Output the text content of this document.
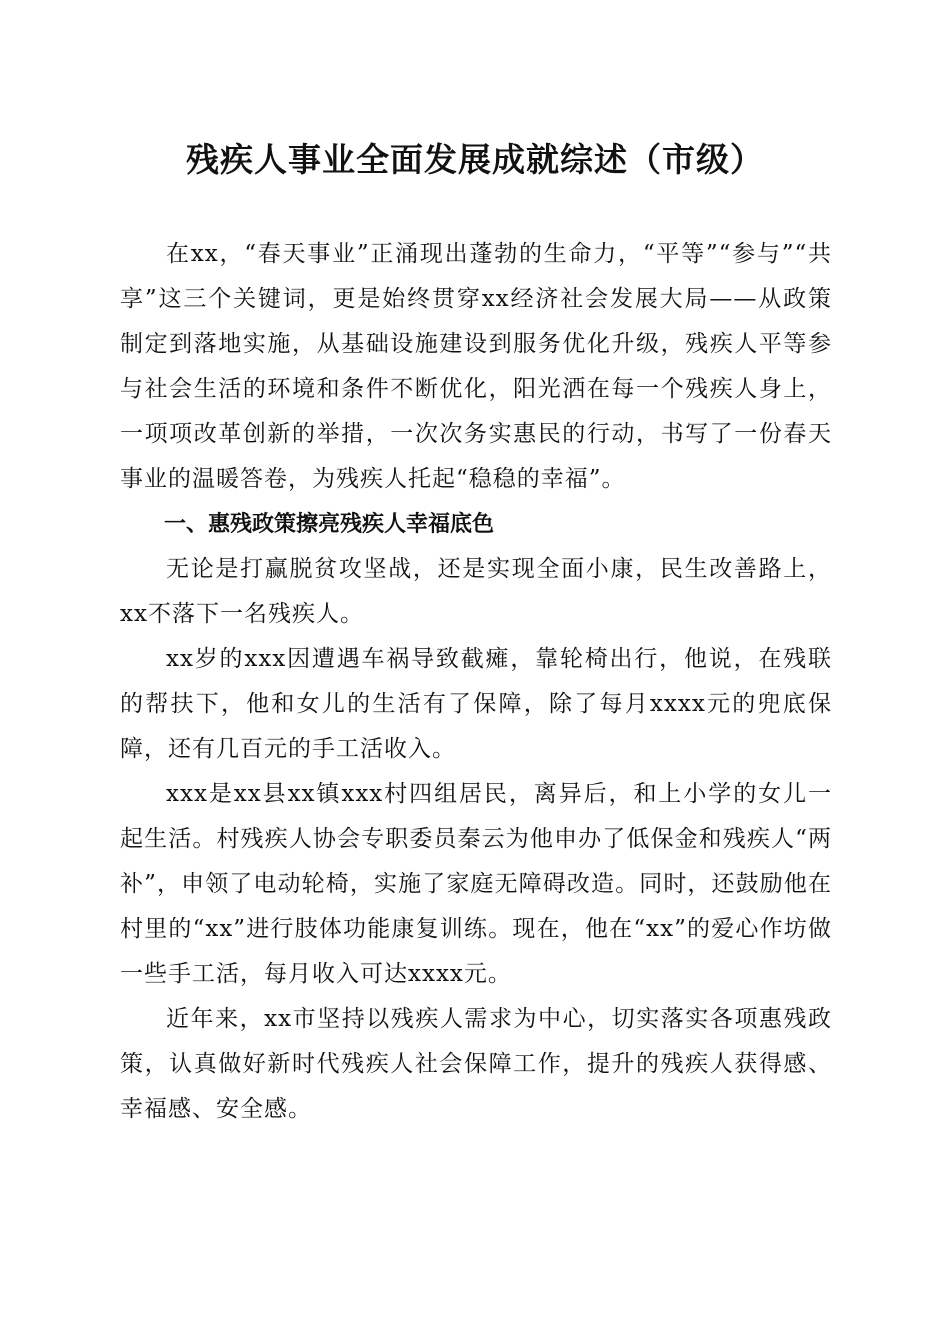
残疾人事业全面发展成就综述（市级）

在xx，“春天事业”正涌现出蓬勃的生命力，“平等”“参与”“共享”这三个关键词，更是始终贯穿xx经济社会发展大局——从政策制定到落地实施，从基础设施建设到服务优化升级，残疾人平等参与社会生活的环境和条件不断优化，阳光洒在每一个残疾人身上，一项项改革创新的举措，一次次务实惠民的行动，书写了一份春天事业的温暖答卷，为残疾人托起“稳稳的幸福”。

一、惠残政策擦亮残疾人幸福底色

无论是打赢脱贫攻坚战，还是实现全面小康，民生改善路上，xx不落下一名残疾人。

xx岁的xxx因遭遇车祸导致截瘫，靠轮椅出行，他说，在残联的帮扶下，他和女儿的生活有了保障，除了每月xxxx元的兜底保障，还有几百元的手工活收入。

xxx是xx县xx镇xxx村四组居民，离异后，和上小学的女儿一起生活。村残疾人协会专职委员秦云为他申办了低保金和残疾人“两补”，申领了电动轮椅，实施了家庭无障碍改造。同时，还鼓励他在村里的“xx”进行肢体功能康复训练。现在，他在“xx”的爱心作坊做一些手工活，每月收入可达xxxx元。

近年来，xx市坚持以残疾人需求为中心，切实落实各项惠残政策，认真做好新时代残疾人社会保障工作，提升的残疾人获得感、幸福感、安全感。
